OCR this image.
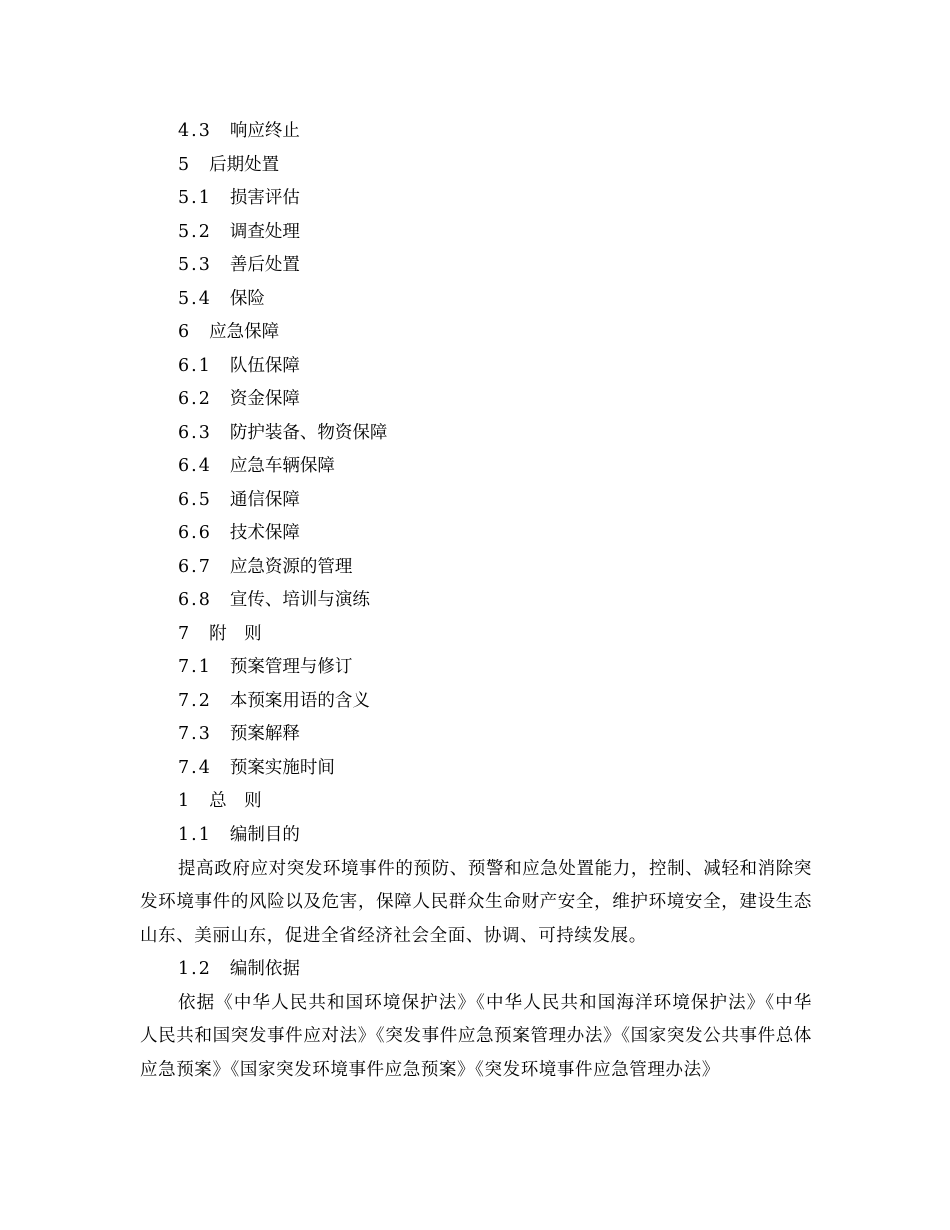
4.3 响应终止
5 后期处置
5.1 损害评估
5.2 调查处理
5.3 善后处置
5.4 保险
6 应急保障
6.1 队伍保障
6.2 资金保障
6.3 防护装备、物资保障
6.4 应急车辆保障
6.5 通信保障
6.6 技术保障
6.7 应急资源的管理
6.8 宣传、培训与演练
7 附　则
7.1 预案管理与修订
7.2 本预案用语的含义
7.3 预案解释
7.4 预案实施时间
1 总　则
1.1 编制目的

提高政府应对突发环境事件的预防、预警和应急处置能力，控制、减轻和消除突发环境事件的风险以及危害，保障人民群众生命财产安全，维护环境安全，建设生态山东、美丽山东，促进全省经济社会全面、协调、可持续发展。

1.2 编制依据

依据《中华人民共和国环境保护法》《中华人民共和国海洋环境保护法》《中华人民共和国突发事件应对法》《突发事件应急预案管理办法》《国家突发公共事件总体应急预案》《国家突发环境事件应急预案》《突发环境事件应急管理办法》
